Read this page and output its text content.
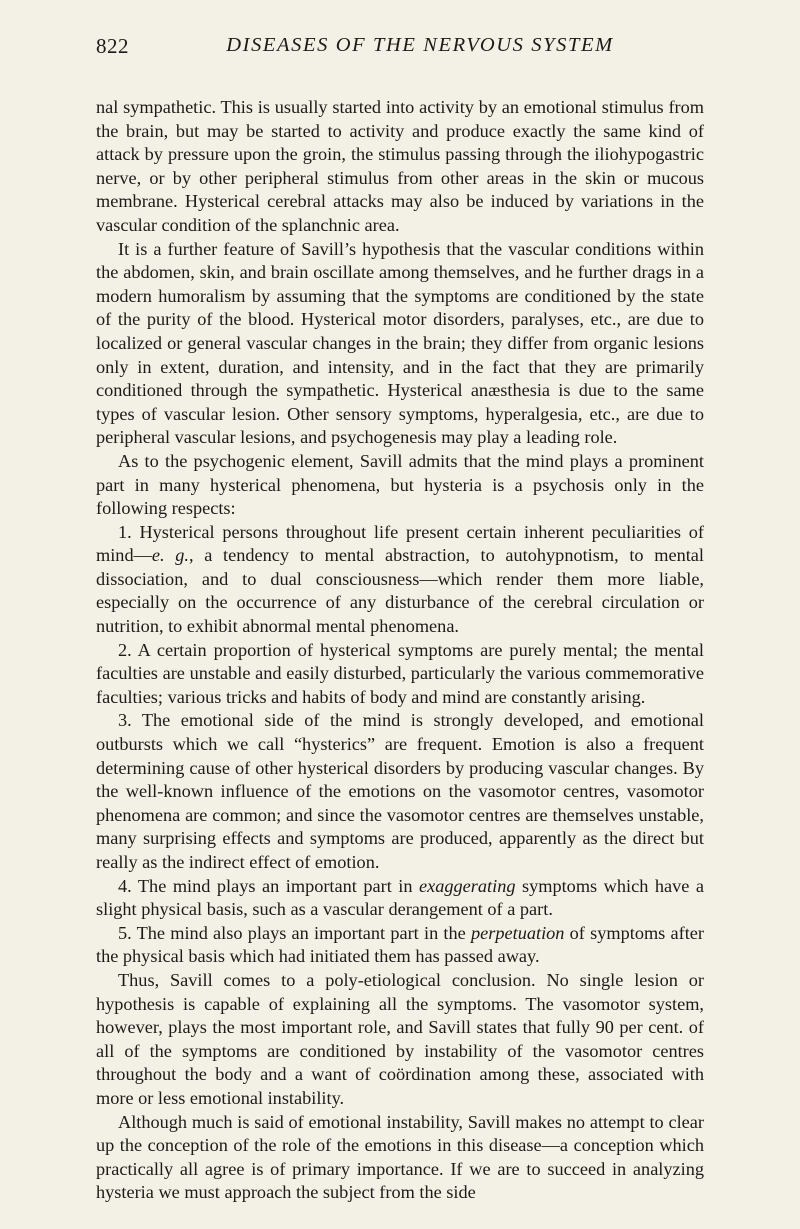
822	DISEASES OF THE NERVOUS SYSTEM

nal sympathetic. This is usually started into activity by an emotional stimulus from the brain, but may be started to activity and produce exactly the same kind of attack by pressure upon the groin, the stimulus passing through the iliohypogastric nerve, or by other peripheral stimulus from other areas in the skin or mucous membrane. Hysterical cerebral attacks may also be induced by variations in the vascular condition of the splanchnic area.

It is a further feature of Savill’s hypothesis that the vascular conditions within the abdomen, skin, and brain oscillate among themselves, and he further drags in a modern humoralism by assuming that the symptoms are conditioned by the state of the purity of the blood. Hysterical motor disorders, paralyses, etc., are due to localized or general vascular changes in the brain; they differ from organic lesions only in extent, duration, and intensity, and in the fact that they are primarily conditioned through the sympathetic. Hysterical anæsthesia is due to the same types of vascular lesion. Other sensory symptoms, hyperalgesia, etc., are due to peripheral vascular lesions, and psychogenesis may play a leading role.

As to the psychogenic element, Savill admits that the mind plays a prominent part in many hysterical phenomena, but hysteria is a psychosis only in the following respects:

1. Hysterical persons throughout life present certain inherent peculiarities of mind—e. g., a tendency to mental abstraction, to autohypnotism, to mental dissociation, and to dual consciousness—which render them more liable, especially on the occurrence of any disturbance of the cerebral circulation or nutrition, to exhibit abnormal mental phenomena.

2. A certain proportion of hysterical symptoms are purely mental; the mental faculties are unstable and easily disturbed, particularly the various commemorative faculties; various tricks and habits of body and mind are constantly arising.

3. The emotional side of the mind is strongly developed, and emotional outbursts which we call “hysterics” are frequent. Emotion is also a frequent determining cause of other hysterical disorders by producing vascular changes. By the well-known influence of the emotions on the vasomotor centres, vasomotor phenomena are common; and since the vasomotor centres are themselves unstable, many surprising effects and symptoms are produced, apparently as the direct but really as the indirect effect of emotion.

4. The mind plays an important part in exaggerating symptoms which have a slight physical basis, such as a vascular derangement of a part.

5. The mind also plays an important part in the perpetuation of symptoms after the physical basis which had initiated them has passed away.

Thus, Savill comes to a poly-etiological conclusion. No single lesion or hypothesis is capable of explaining all the symptoms. The vasomotor system, however, plays the most important role, and Savill states that fully 90 per cent. of all of the symptoms are conditioned by instability of the vasomotor centres throughout the body and a want of coördination among these, associated with more or less emotional instability.

Although much is said of emotional instability, Savill makes no attempt to clear up the conception of the role of the emotions in this disease—a conception which practically all agree is of primary importance. If we are to succeed in analyzing hysteria we must approach the subject from the side
